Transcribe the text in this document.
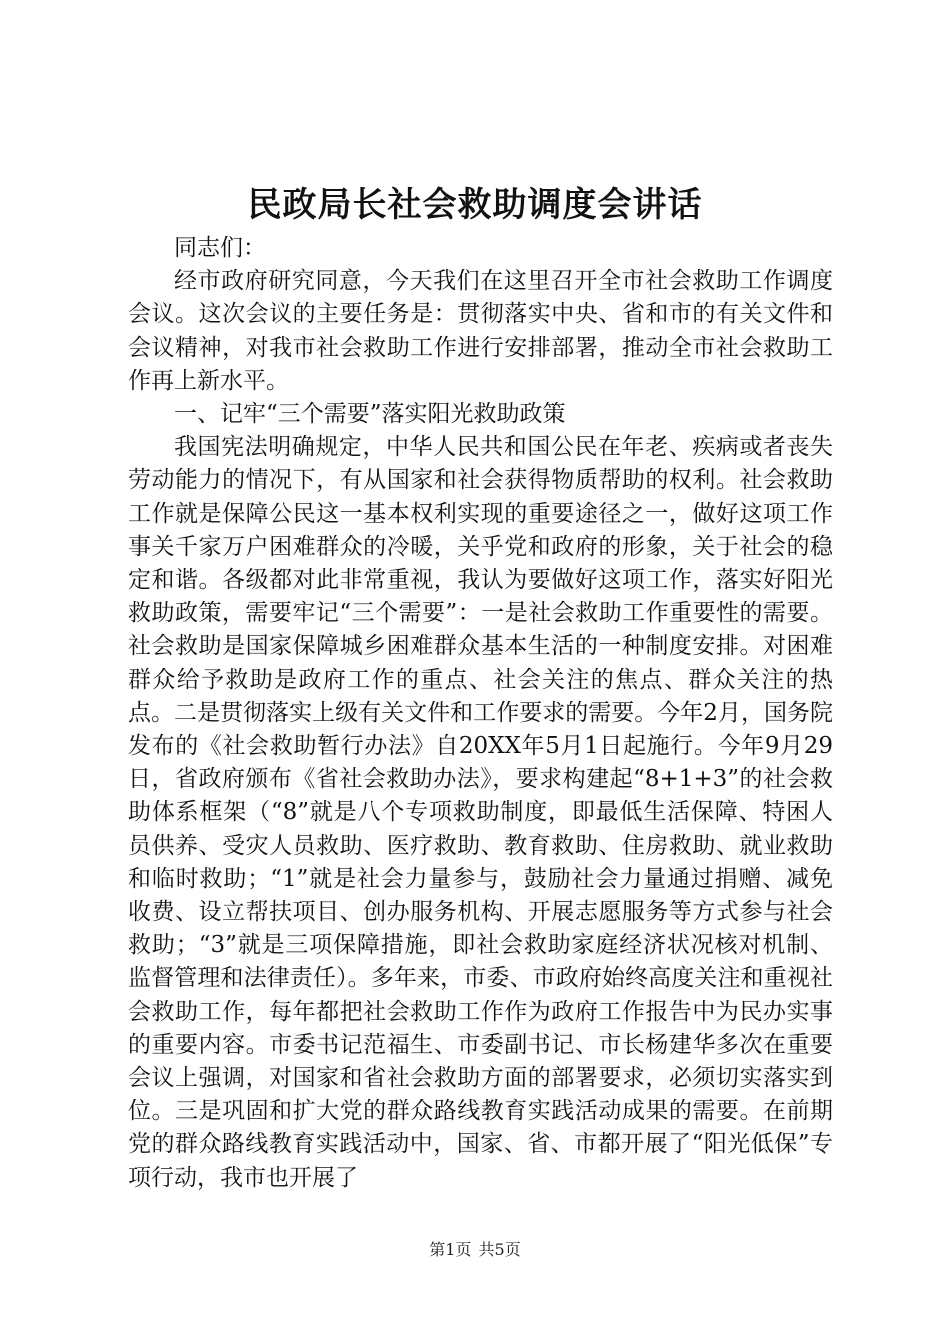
民政局长社会救助调度会讲话

同志们：

经市政府研究同意，今天我们在这里召开全市社会救助工作调度会议。这次会议的主要任务是：贯彻落实中央、省和市的有关文件和会议精神，对我市社会救助工作进行安排部署，推动全市社会救助工作再上新水平。

一、记牢“三个需要”落实阳光救助政策

我国宪法明确规定，中华人民共和国公民在年老、疾病或者丧失劳动能力的情况下，有从国家和社会获得物质帮助的权利。社会救助工作就是保障公民这一基本权利实现的重要途径之一，做好这项工作事关千家万户困难群众的冷暖，关乎党和政府的形象，关于社会的稳定和谐。各级都对此非常重视，我认为要做好这项工作，落实好阳光救助政策，需要牢记“三个需要”：一是社会救助工作重要性的需要。社会救助是国家保障城乡困难群众基本生活的一种制度安排。对困难群众给予救助是政府工作的重点、社会关注的焦点、群众关注的热点。二是贯彻落实上级有关文件和工作要求的需要。今年2月，国务院发布的《社会救助暂行办法》自20XX年5月1日起施行。今年9月29日，省政府颁布《省社会救助办法》，要求构建起“8+1+3”的社会救助体系框架（“8”就是八个专项救助制度，即最低生活保障、特困人员供养、受灾人员救助、医疗救助、教育救助、住房救助、就业救助和临时救助；“1”就是社会力量参与，鼓励社会力量通过捐赠、减免收费、设立帮扶项目、创办服务机构、开展志愿服务等方式参与社会救助；“3”就是三项保障措施，即社会救助家庭经济状况核对机制、监督管理和法律责任）。多年来，市委、市政府始终高度关注和重视社会救助工作，每年都把社会救助工作作为政府工作报告中为民办实事的重要内容。市委书记范福生、市委副书记、市长杨建华多次在重要会议上强调，对国家和省社会救助方面的部署要求，必须切实落实到位。三是巩固和扩大党的群众路线教育实践活动成果的需要。在前期党的群众路线教育实践活动中，国家、省、市都开展了“阳光低保”专项行动，我市也开展了

第1页 共5页
